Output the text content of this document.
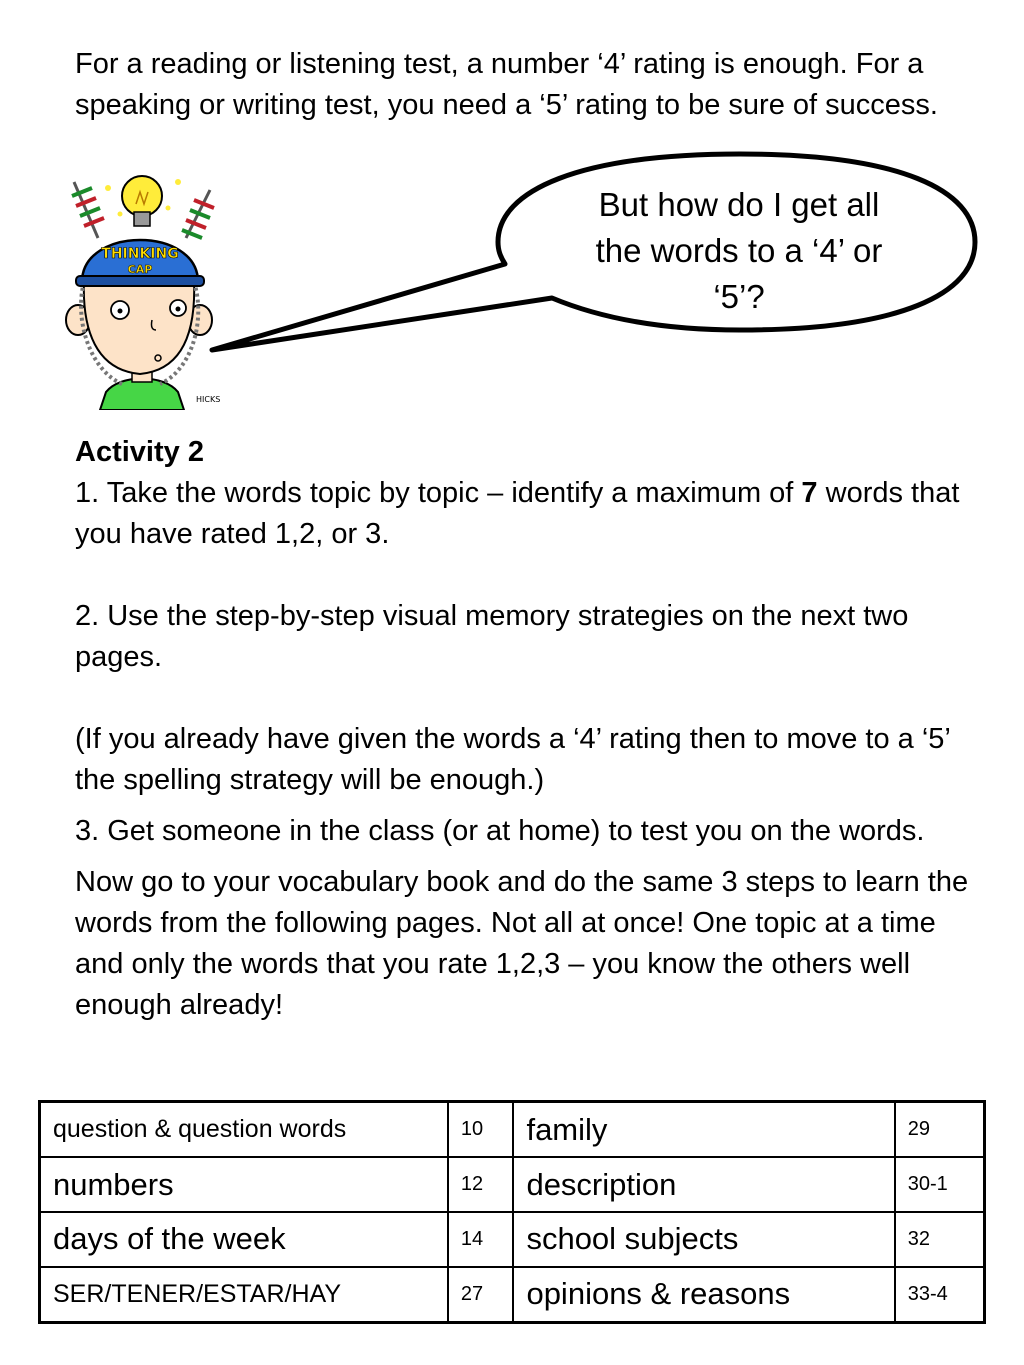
For a reading or listening test, a number ‘4’ rating is enough. For a speaking or writing test, you need a ‘5’ rating to be sure of success.
But how do I get all the words to a ‘4’ or ‘5’?
THINKING
CAP
HICKS
Activity 2
1. Take the words topic by topic – identify a maximum of 7 words that you have rated 1,2, or 3.
2. Use the step-by-step visual memory strategies on the next two pages.
(If you already have given the words a ‘4’ rating then to move to a ‘5’ the spelling strategy will be enough.)
3. Get someone in the class (or at home) to test you on the words.
Now go to your vocabulary book and do the same 3 steps to learn the words from the following pages. Not all at once! One topic at a time and only the words that you rate 1,2,3 – you know the others well enough already!
question & question words	10	family	29
numbers	12	description	30-1
days of the week	14	school subjects	32
SER/TENER/ESTAR/HAY	27	opinions & reasons	33-4
